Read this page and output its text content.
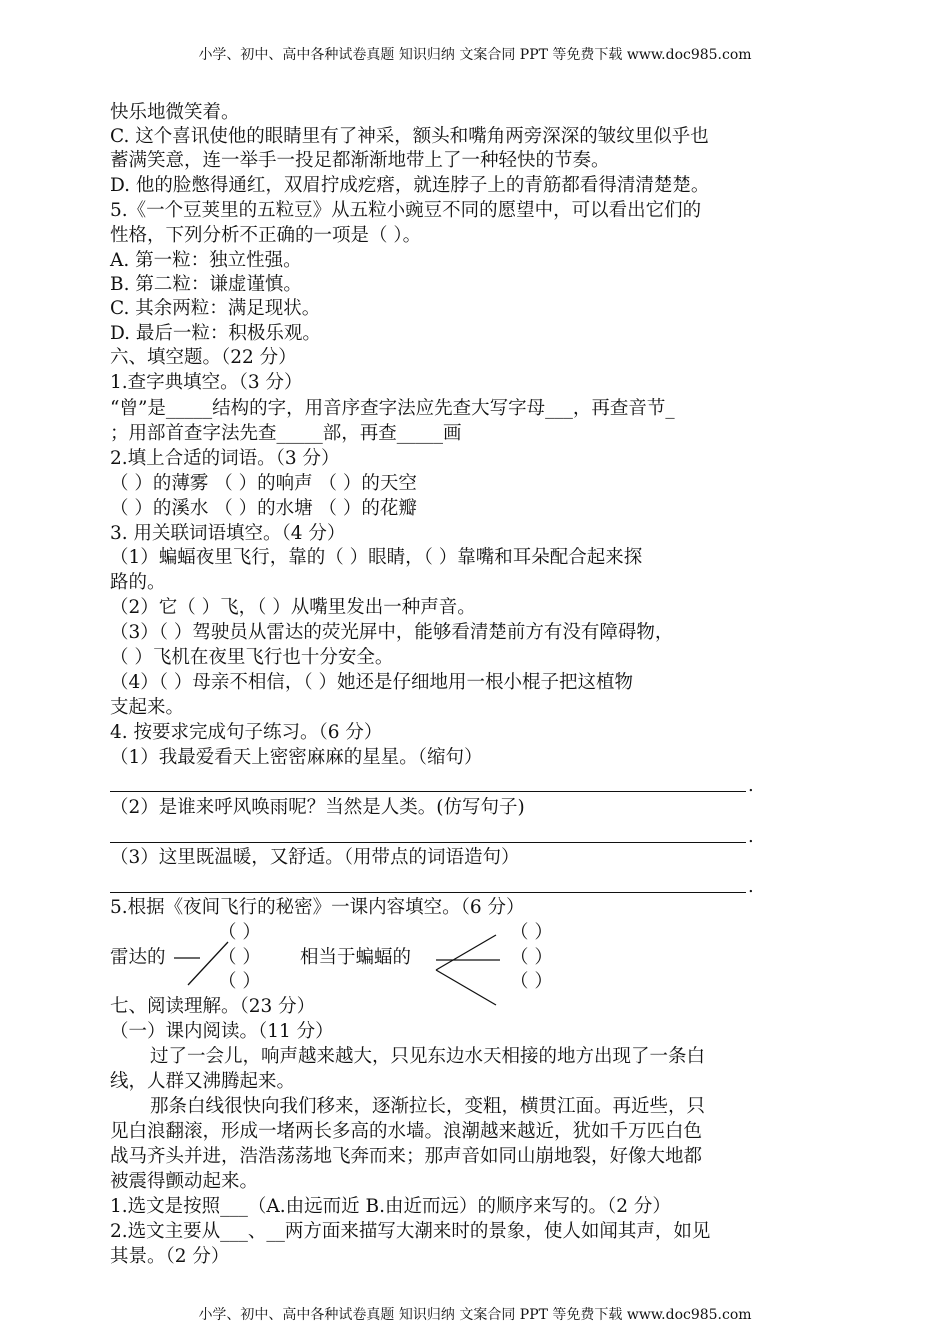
小学、初中、高中各种试卷真题 知识归纳 文案合同 PPT 等免费下载 www.doc985.com
快乐地微笑着。
C. 这个喜讯使他的眼睛里有了神采，额头和嘴角两旁深深的皱纹里似乎也
蓄满笑意，连一举手一投足都渐渐地带上了一种轻快的节奏。
D. 他的脸憋得通红，双眉拧成疙瘩，就连脖子上的青筋都看得清清楚楚。
5.《一个豆荚里的五粒豆》从五粒小豌豆不同的愿望中，可以看出它们的
性格，下列分析不正确的一项是（ ）。
A. 第一粒：独立性强。
B. 第二粒：谦虚谨慎。
C. 其余两粒：满足现状。
D. 最后一粒：积极乐观。
六、填空题。（22 分）
1.查字典填空。（3 分）
“曾”是_____结构的字，用音序查字法应先查大写字母___，再查音节_
；用部首查字法先查_____部，再查_____画
2.填上合适的词语。（3 分）
（ ）的薄雾 （ ）的响声 （ ）的天空
（ ）的溪水 （ ）的水塘 （ ）的花瓣
3. 用关联词语填空。（4 分）
（1）蝙蝠夜里飞行，靠的（ ）眼睛，（ ）靠嘴和耳朵配合起来探
路的。
（2）它（ ）飞，（ ）从嘴里发出一种声音。
（3）（ ）驾驶员从雷达的荧光屏中，能够看清楚前方有没有障碍物，
（ ）飞机在夜里飞行也十分安全。
（4）（ ）母亲不相信，（ ）她还是仔细地用一根小棍子把这植物
支起来。
4. 按要求完成句子练习。（6 分）
（1）我最爱看天上密密麻麻的星星。（缩句）
.
（2）是谁来呼风唤雨呢？当然是人类。(仿写句子)
.
（3）这里既温暖，又舒适。（用带点的词语造句）
.
5.根据《夜间飞行的秘密》一课内容填空。（6 分）
（ ）	（ ）
雷达的	（ ） 相当于蝙蝠的	（ ）
（ ）	（ ）
七、阅读理解。（23 分）
（一）课内阅读。（11 分）
过了一会儿，响声越来越大，只见东边水天相接的地方出现了一条白
线，人群又沸腾起来。
那条白线很快向我们移来，逐渐拉长，变粗，横贯江面。再近些，只
见白浪翻滚，形成一堵两长多高的水墙。浪潮越来越近，犹如千万匹白色
战马齐头并进，浩浩荡荡地飞奔而来；那声音如同山崩地裂，好像大地都
被震得颤动起来。
1.选文是按照___（A.由远而近 B.由近而远）的顺序来写的。（2 分）
2.选文主要从___、__两方面来描写大潮来时的景象，使人如闻其声，如见
其景。（2 分）
小学、初中、高中各种试卷真题 知识归纳 文案合同 PPT 等免费下载 www.doc985.com
